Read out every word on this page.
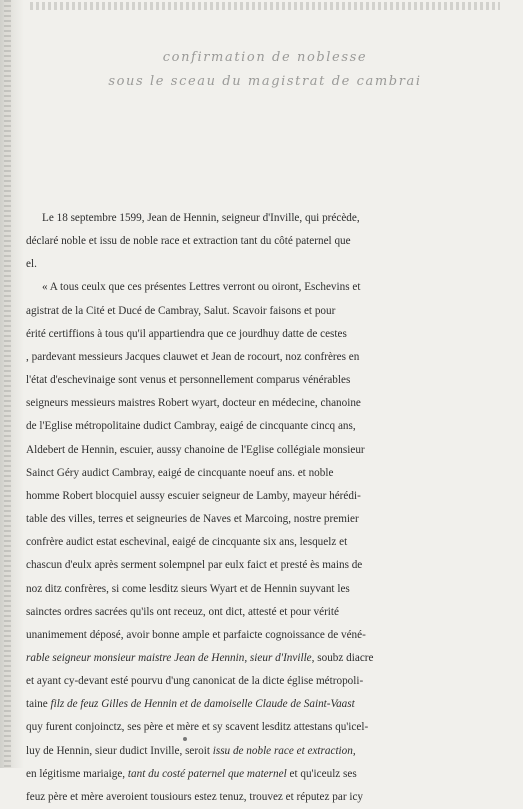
confirmation de noblesse
sous le sceau du magistrat de cambrai
Le 18 septembre 1599, Jean de Hennin, seigneur d'Inville, qui précède,
déclaré noble et issu de noble race et extraction tant du côté paternel que
el.
« A tous ceulx que ces présentes Lettres verront ou oiront, Eschevins et
agistrat de la Cité et Ducé de Cambray, Salut. Scavoir faisons et pour
érité certiffions à tous qu'il appartiendra que ce jourdhuy datte de cestes
, pardevant messieurs Jacques clauwet et Jean de rocourt, noz confrères en
l'état d'eschevinaige sont venus et personnellement comparus vénérables
seigneurs messieurs maistres Robert wyart, docteur en médecine, chanoine
de l'Eglise métropolitaine dudict Cambray, eaigé de cincquante cincq ans,
Aldebert de Hennin, escuier, aussy chanoine de l'Eglise collégiale monsieur
Sainct Géry audict Cambray, eaigé de cincquante noeuf ans. et noble
homme Robert blocquiel aussy escuier seigneur de Lamby, mayeur hérédi-
table des villes, terres et seigneuries de Naves et Marcoing, nostre premier
confrère audict estat eschevinal, eaigé de cincquante six ans, lesquelz et
chascun d'eulx après serment solempnel par eulx faict et presté ès mains de
noz ditz confrères, si come lesditz sieurs Wyart et de Hennin suyvant les
sainctes ordres sacrées qu'ils ont receuz, ont dict, attesté et pour vérité
unanimement déposé, avoir bonne ample et parfaicte cognoissance de véné-
rable seigneur monsieur maistre Jean de Hennin, sieur d'Inville, soubz diacre
et ayant cy-devant esté pourvu d'ung canonicat de la dicte église métropoli-
taine filz de feuz Gilles de Hennin et de damoiselle Claude de Saint-Vaast
quy furent conjoinctz, ses père et mère et sy scavent lesditz attestans qu'icel-
luy de Hennin, sieur dudict Inville, seroit issu de noble race et extraction,
en légitisme mariaige, tant du costé paternel que maternel et qu'iceulz ses
feuz père et mère averoient tousiours estez tenuz, trouvez et réputez par icy
